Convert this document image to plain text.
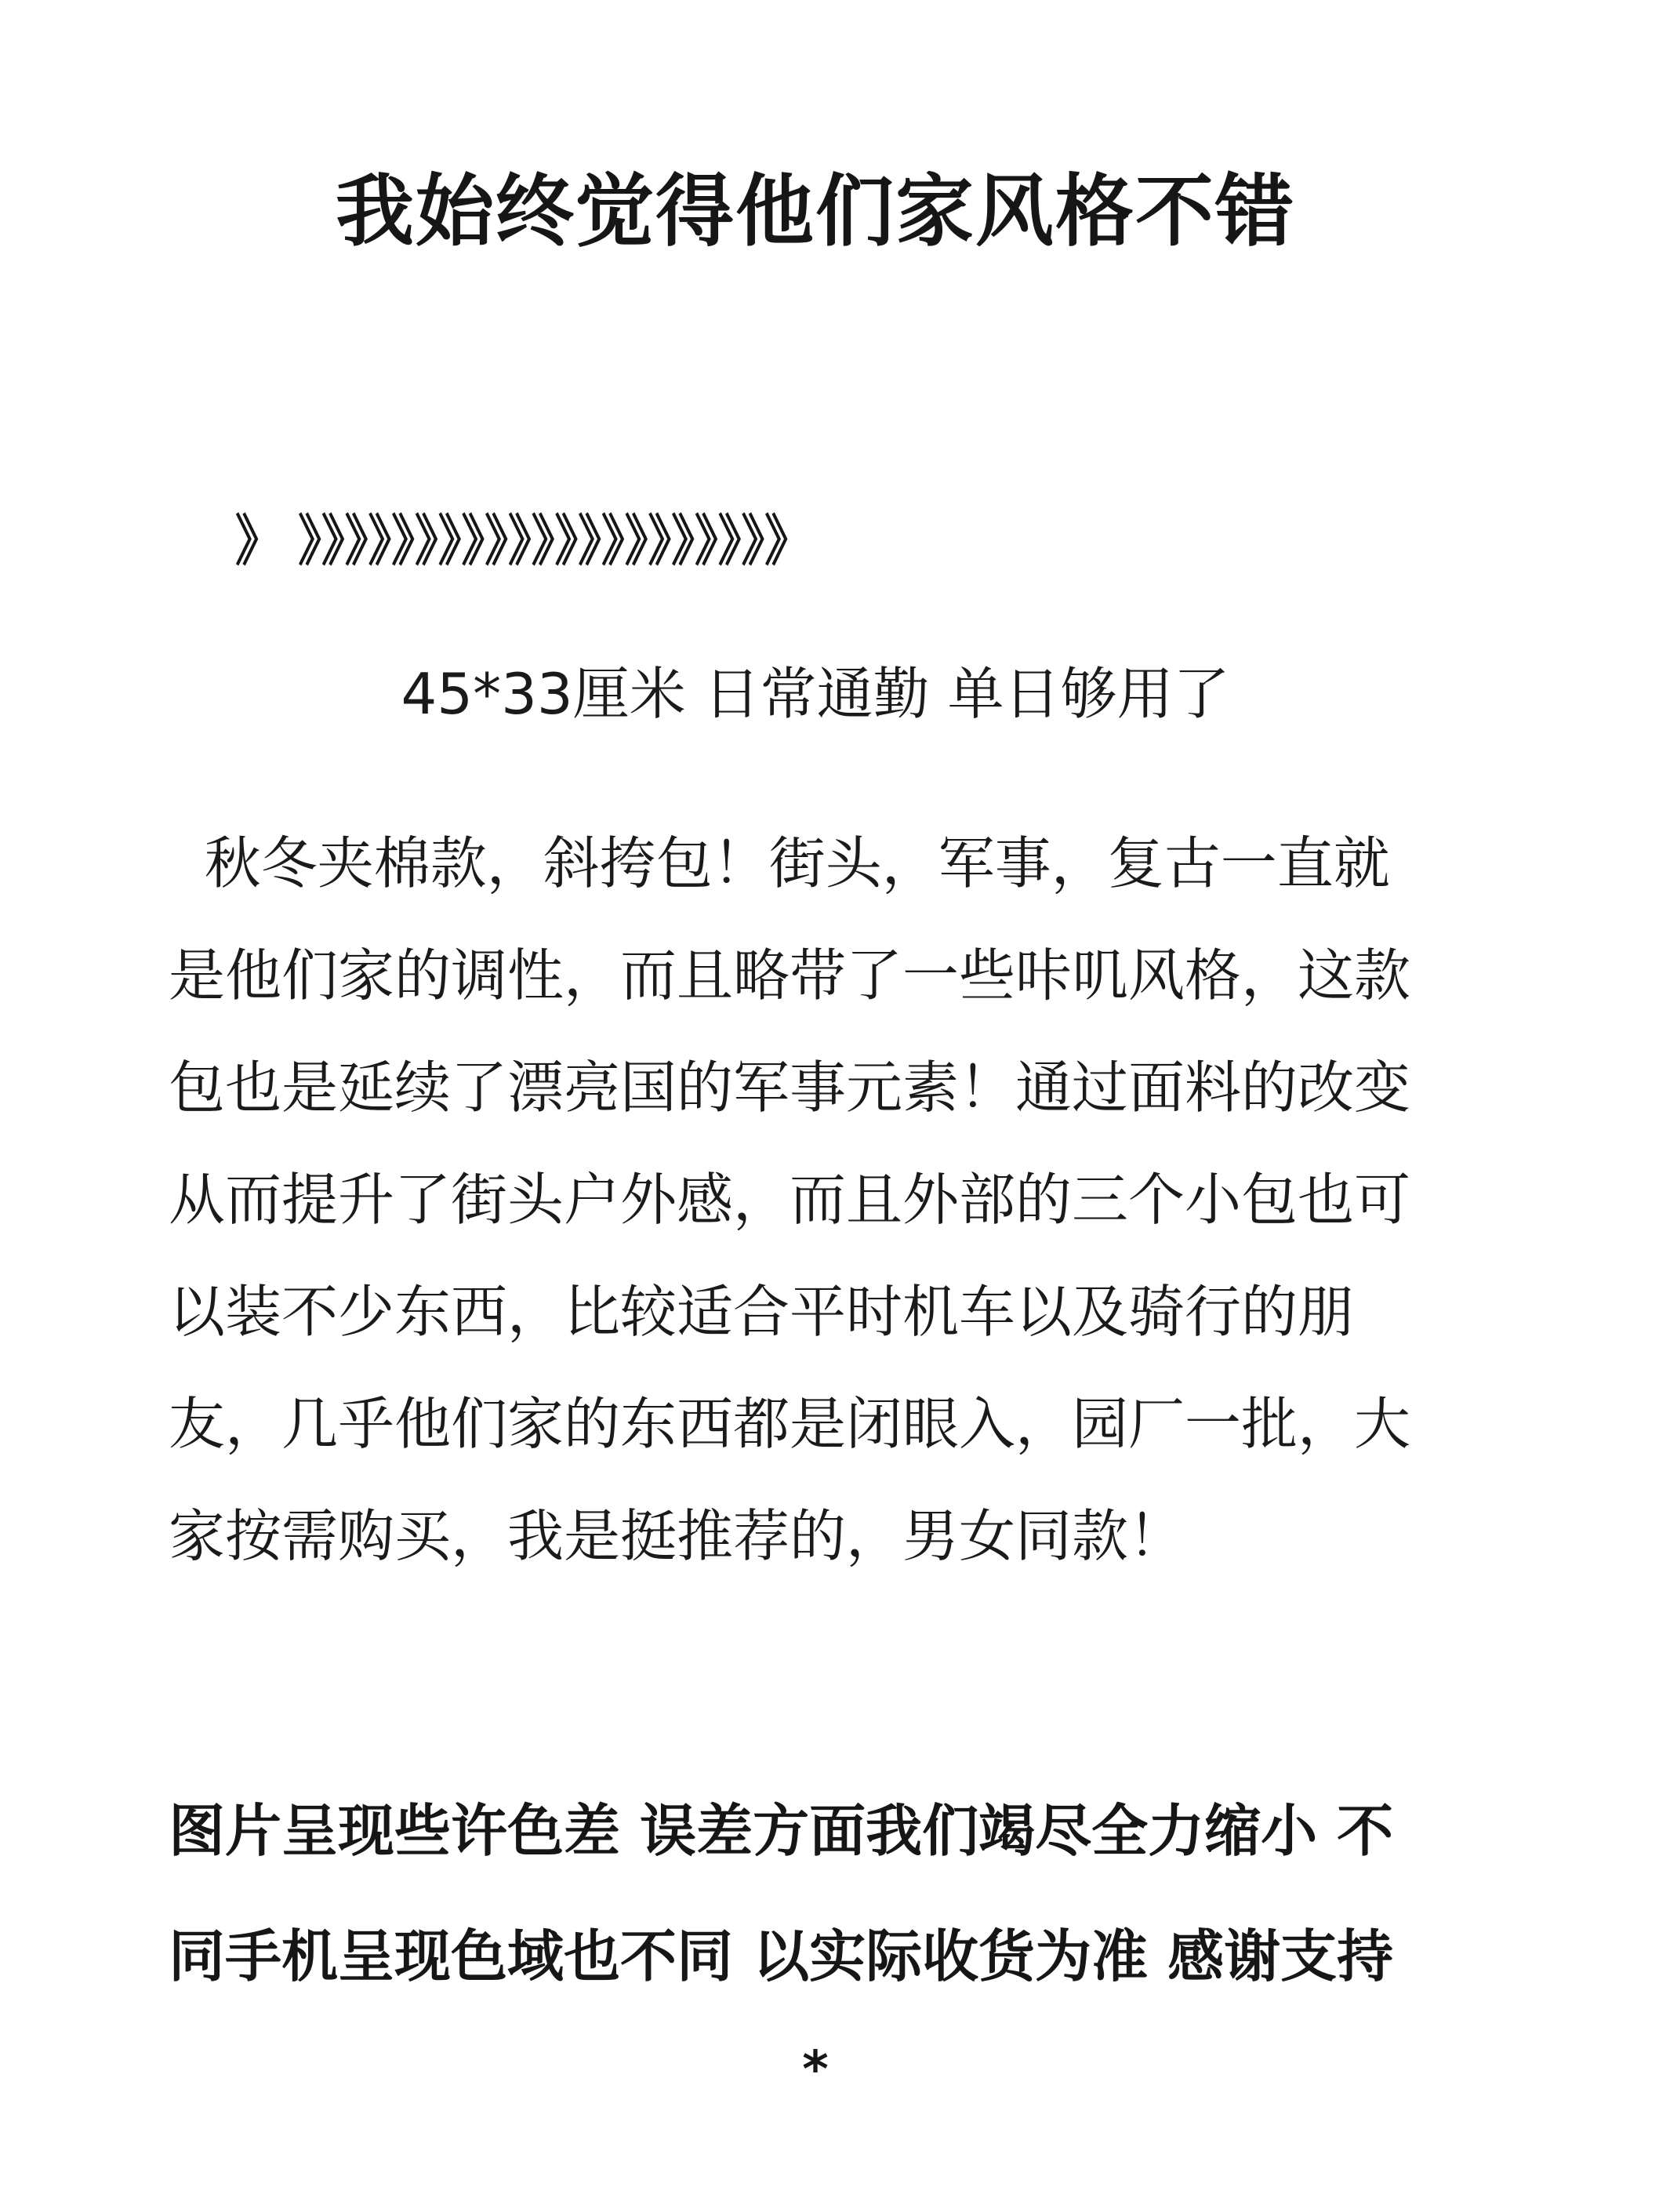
我始终觉得他们家风格不错
》 》》》》》》》》》》》》》》》》》》》》》
45*33厘米 日常通勤 单日够用了

秋冬夹棉款，斜挎包！街头，军事，复古一直就
是他们家的调性，而且略带了一些咔叽风格，这款
包也是延续了漂亮国的军事元素！通过面料的改变
从而提升了街头户外感，而且外部的三个小包也可
以装不少东西，比较适合平时机车以及骑行的朋
友，几乎他们家的东西都是闭眼入，园厂一批，大
家按需购买，我是挺推荐的，男女同款！

图片呈现些许色差 误差方面我们竭尽全力缩小 不
同手机呈现色域也不同 以实际收货为准 感谢支持

*
